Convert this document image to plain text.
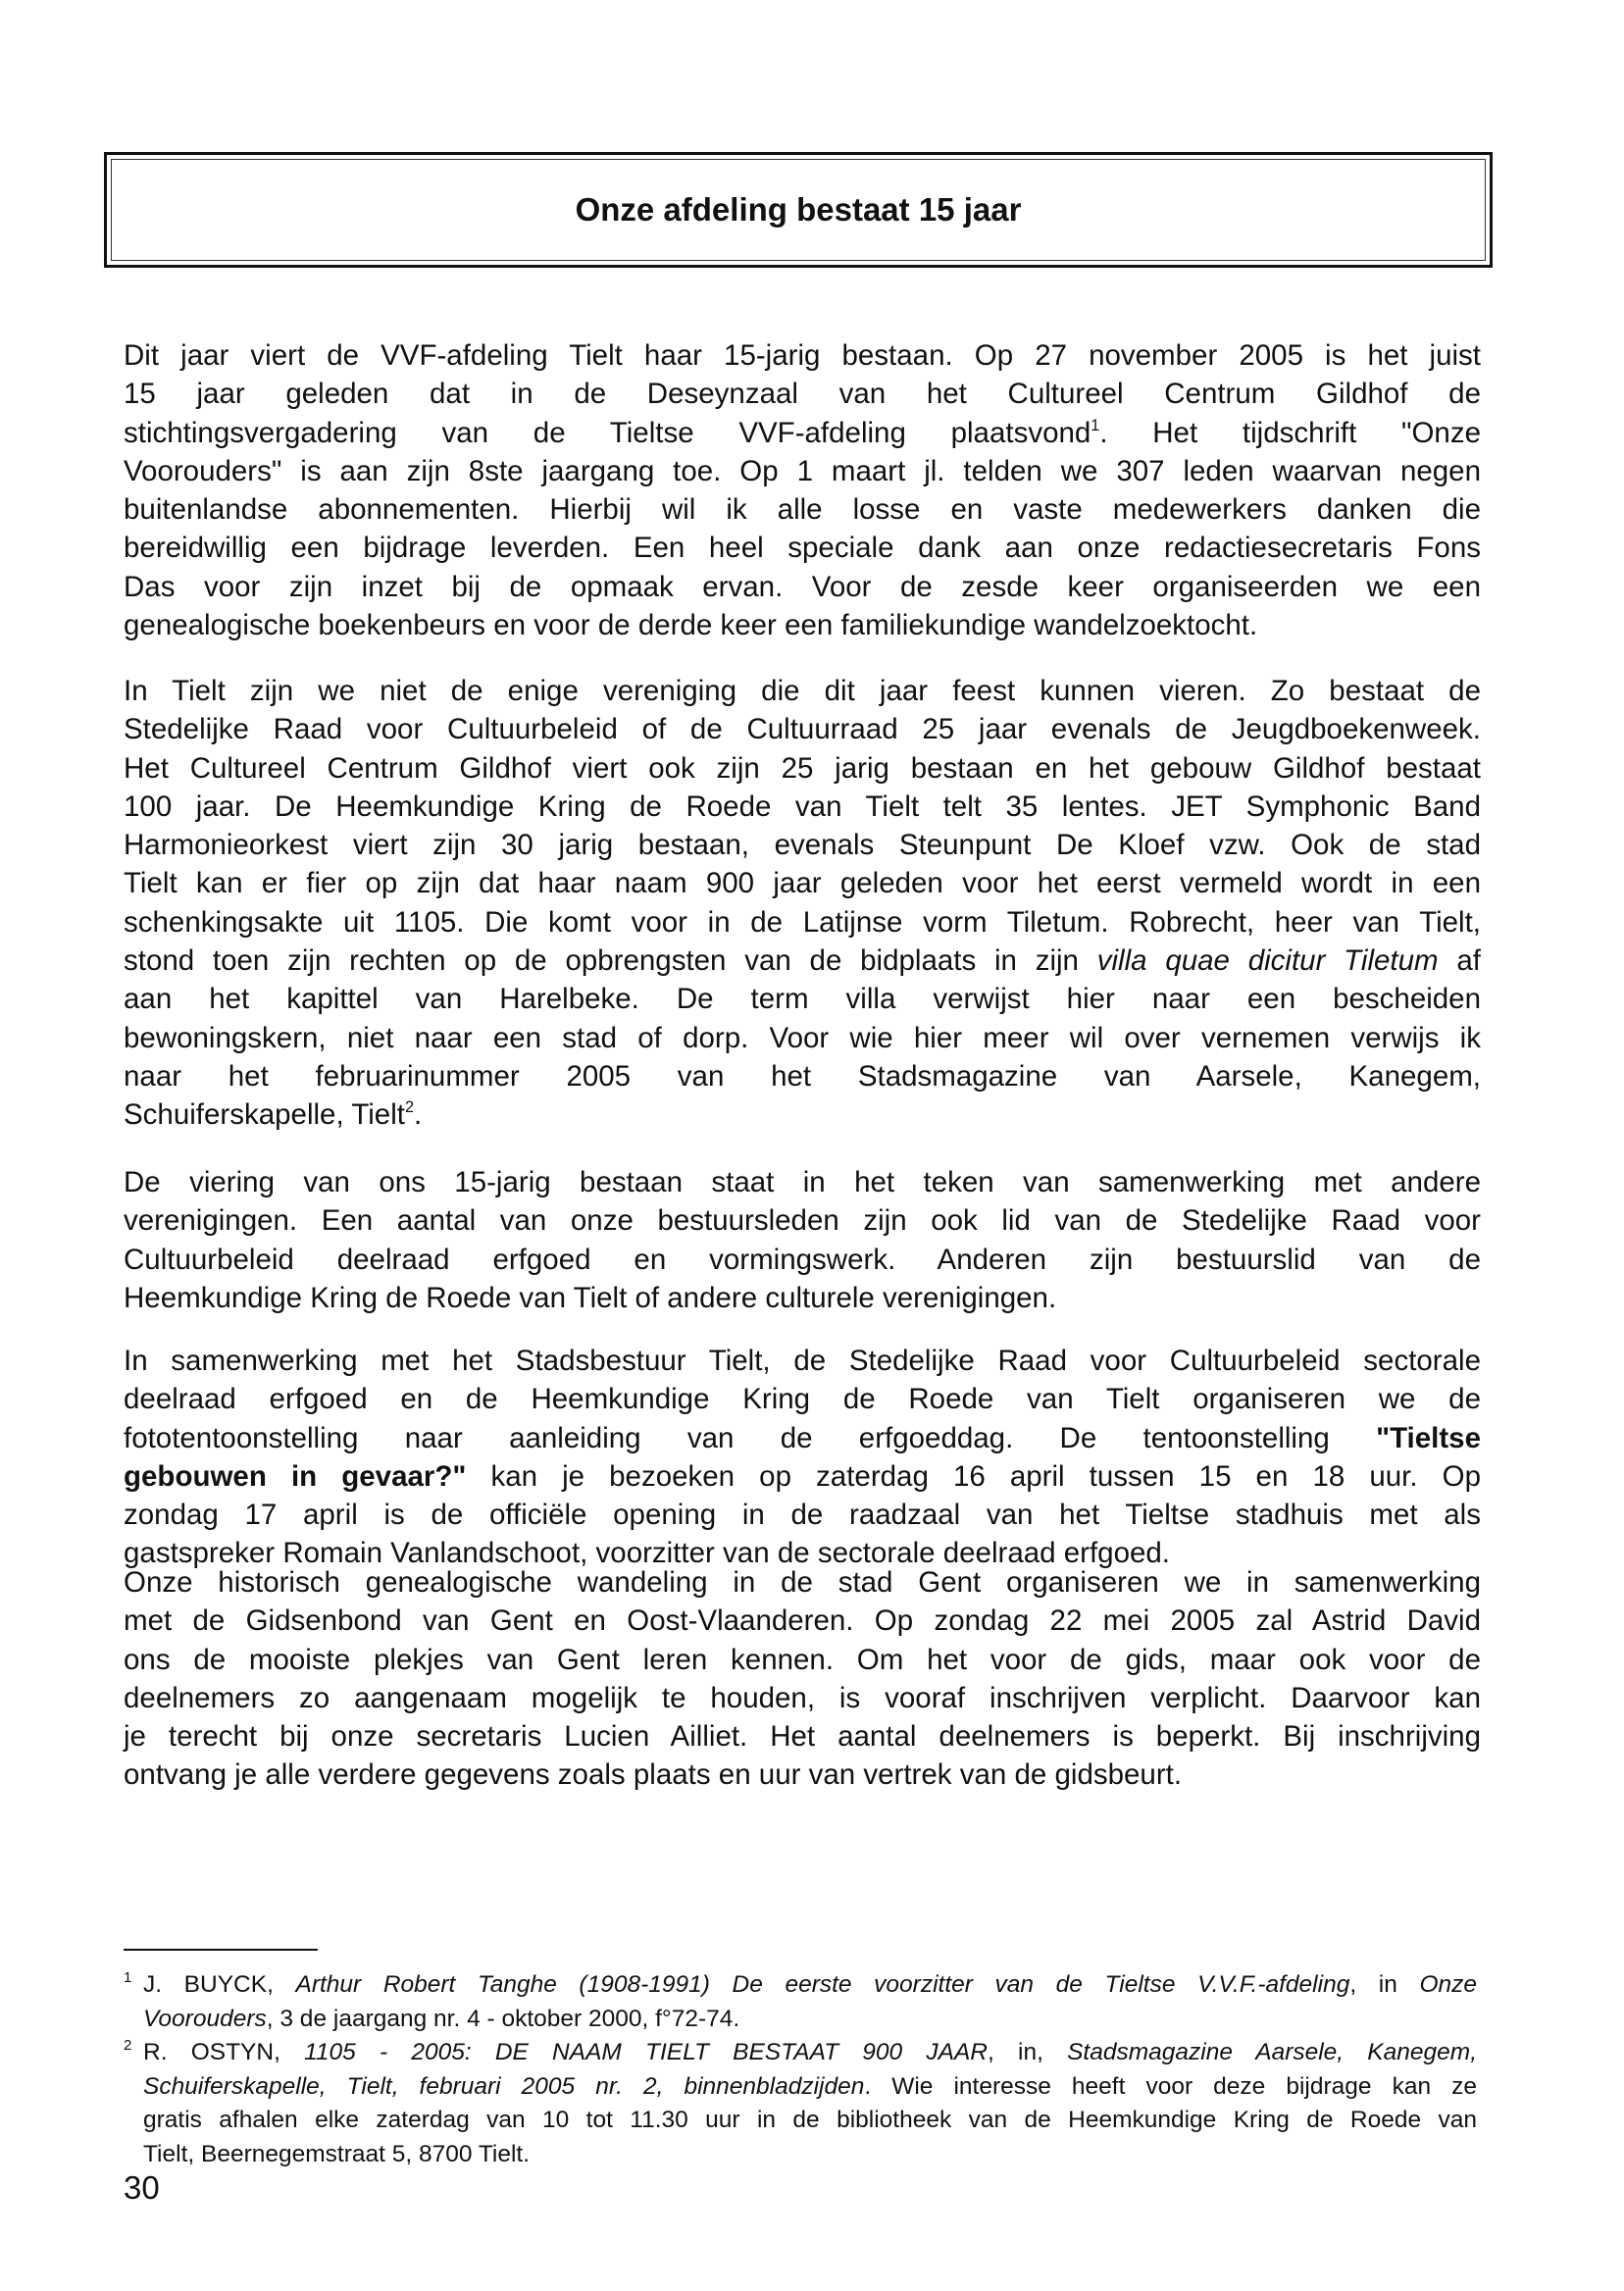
Onze afdeling bestaat 15 jaar
Dit jaar viert de VVF-afdeling Tielt haar 15-jarig bestaan. Op 27 november 2005 is het juist
15 jaar geleden dat in de Deseynzaal van het Cultureel Centrum Gildhof de
stichtingsvergadering van de Tieltse VVF-afdeling plaatsvond$^1$. Het tijdschrift "Onze
Voorouders" is aan zijn 8ste jaargang toe. Op 1 maart jl. telden we 307 leden waarvan negen
buitenlandse abonnementen. Hierbij wil ik alle losse en vaste medewerkers danken die
bereidwillig een bijdrage leverden. Een heel speciale dank aan onze redactiesecretaris Fons
Das voor zijn inzet bij de opmaak ervan. Voor de zesde keer organiseerden we een
genealogische boekenbeurs en voor de derde keer een familiekundige wandelzoektocht.
In Tielt zijn we niet de enige vereniging die dit jaar feest kunnen vieren. Zo bestaat de
Stedelijke Raad voor Cultuurbeleid of de Cultuurraad 25 jaar evenals de Jeugdboekenweek.
Het Cultureel Centrum Gildhof viert ook zijn 25 jarig bestaan en het gebouw Gildhof bestaat
100 jaar. De Heemkundige Kring de Roede van Tielt telt 35 lentes. JET Symphonic Band
Harmonieorkest viert zijn 30 jarig bestaan, evenals Steunpunt De Kloef vzw. Ook de stad
Tielt kan er fier op zijn dat haar naam 900 jaar geleden voor het eerst vermeld wordt in een
schenkingsakte uit 1105. Die komt voor in de Latijnse vorm Tiletum. Robrecht, heer van Tielt,
stond toen zijn rechten op de opbrengsten van de bidplaats in zijn villa quae dicitur Tiletum af
aan het kapittel van Harelbeke. De term villa verwijst hier naar een bescheiden
bewoningskern, niet naar een stad of dorp. Voor wie hier meer wil over vernemen verwijs ik
naar het februarinummer 2005 van het Stadsmagazine van Aarsele, Kanegem,
Schuiferskapelle, Tielt$^2$.
De viering van ons 15-jarig bestaan staat in het teken van samenwerking met andere
verenigingen. Een aantal van onze bestuursleden zijn ook lid van de Stedelijke Raad voor
Cultuurbeleid deelraad erfgoed en vormingswerk. Anderen zijn bestuurslid van de
Heemkundige Kring de Roede van Tielt of andere culturele verenigingen.
In samenwerking met het Stadsbestuur Tielt, de Stedelijke Raad voor Cultuurbeleid sectorale
deelraad erfgoed en de Heemkundige Kring de Roede van Tielt organiseren we de
fototentoonstelling naar aanleiding van de erfgoeddag. De tentoonstelling "Tieltse
gebouwen in gevaar?" kan je bezoeken op zaterdag 16 april tussen 15 en 18 uur. Op
zondag 17 april is de officiële opening in de raadzaal van het Tieltse stadhuis met als
gastspreker Romain Vanlandschoot, voorzitter van de sectorale deelraad erfgoed.
Onze historisch genealogische wandeling in de stad Gent organiseren we in samenwerking
met de Gidsenbond van Gent en Oost-Vlaanderen. Op zondag 22 mei 2005 zal Astrid David
ons de mooiste plekjes van Gent leren kennen. Om het voor de gids, maar ook voor de
deelnemers zo aangenaam mogelijk te houden, is vooraf inschrijven verplicht. Daarvoor kan
je terecht bij onze secretaris Lucien Ailliet. Het aantal deelnemers is beperkt. Bij inschrijving
ontvang je alle verdere gegevens zoals plaats en uur van vertrek van de gidsbeurt.
1 J. BUYCK, Arthur Robert Tanghe (1908-1991) De eerste voorzitter van de Tieltse V.V.F.-afdeling, in Onze
Voorouders, 3 de jaargang nr. 4 - oktober 2000, f°72-74.
2 R. OSTYN, 1105 - 2005: DE NAAM TIELT BESTAAT 900 JAAR, in, Stadsmagazine Aarsele, Kanegem,
Schuiferskapelle, Tielt, februari 2005 nr. 2, binnenbladzijden. Wie interesse heeft voor deze bijdrage kan ze
gratis afhalen elke zaterdag van 10 tot 11.30 uur in de bibliotheek van de Heemkundige Kring de Roede van
Tielt, Beernegemstraat 5, 8700 Tielt.
30
